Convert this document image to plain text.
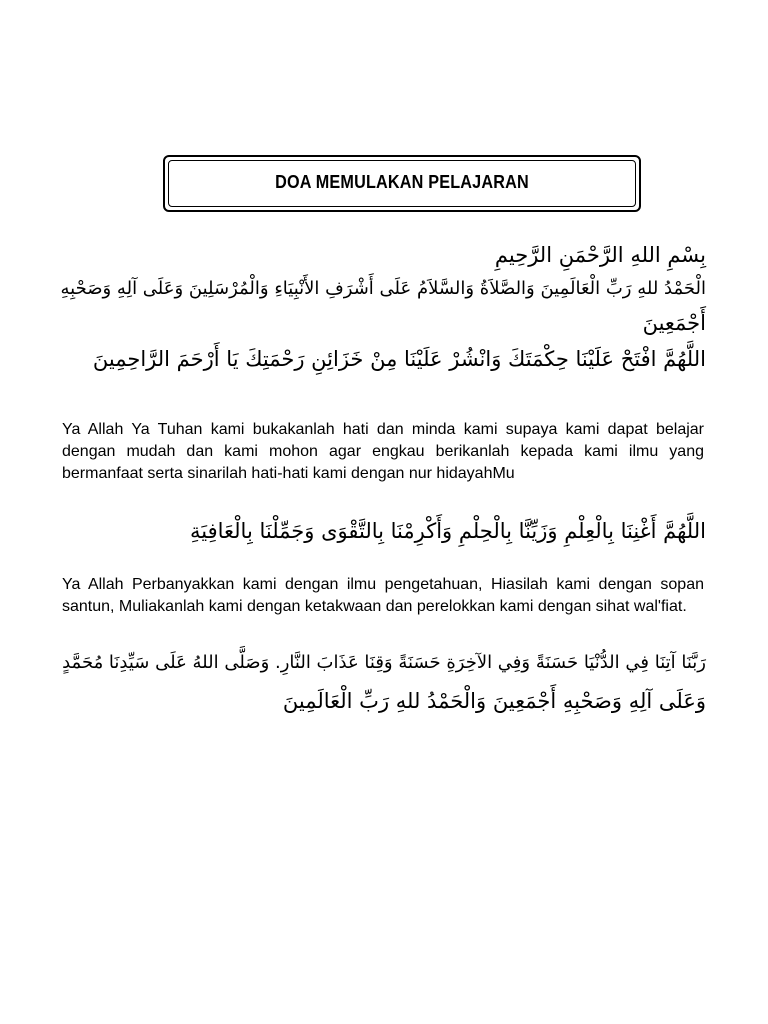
DOA MEMULAKAN PELAJARAN
بِسْمِ اللهِ الرَّحْمَنِ الرَّحِيمِ
الْحَمْدُ للهِ رَبِّ الْعَالَمِينَ وَالصَّلاَةُ وَالسَّلاَمُ عَلَى أَشْرَفِ الأَنْبِيَاءِ وَالْمُرْسَلِينَ وَعَلَى آلِهِ وَصَحْبِهِ
أَجْمَعِينَ
اللَّهُمَّ افْتَحْ عَلَيْنَا حِكْمَتَكَ وَانْشُرْ عَلَيْنَا مِنْ خَزَائِنِ رَحْمَتِكَ يَا أَرْحَمَ الرَّاحِمِينَ
Ya Allah Ya Tuhan kami bukakanlah hati dan minda kami supaya kami dapat belajar
dengan mudah dan kami mohon agar engkau berikanlah kepada kami ilmu yang
bermanfaat serta sinarilah hati-hati kami dengan nur hidayahMu
اللَّهُمَّ أَغْنِنَا بِالْعِلْمِ وَزَيِّنَّا بِالْحِلْمِ وَأَكْرِمْنَا بِالتَّقْوَى وَجَمِّلْنَا بِالْعَافِيَةِ
Ya Allah Perbanyakkan kami dengan ilmu pengetahuan, Hiasilah kami dengan sopan
santun, Muliakanlah kami dengan ketakwaan dan perelokkan kami dengan sihat wal'fiat.
رَبَّنَا آتِنَا فِي الدُّنْيَا حَسَنَةً وَفِي الآخِرَةِ حَسَنَةً وَقِنَا عَذَابَ النَّارِ. وَصَلَّى اللهُ عَلَى سَيِّدِنَا مُحَمَّدٍ
وَعَلَى آلِهِ وَصَحْبِهِ أَجْمَعِينَ وَالْحَمْدُ للهِ رَبِّ الْعَالَمِينَ
